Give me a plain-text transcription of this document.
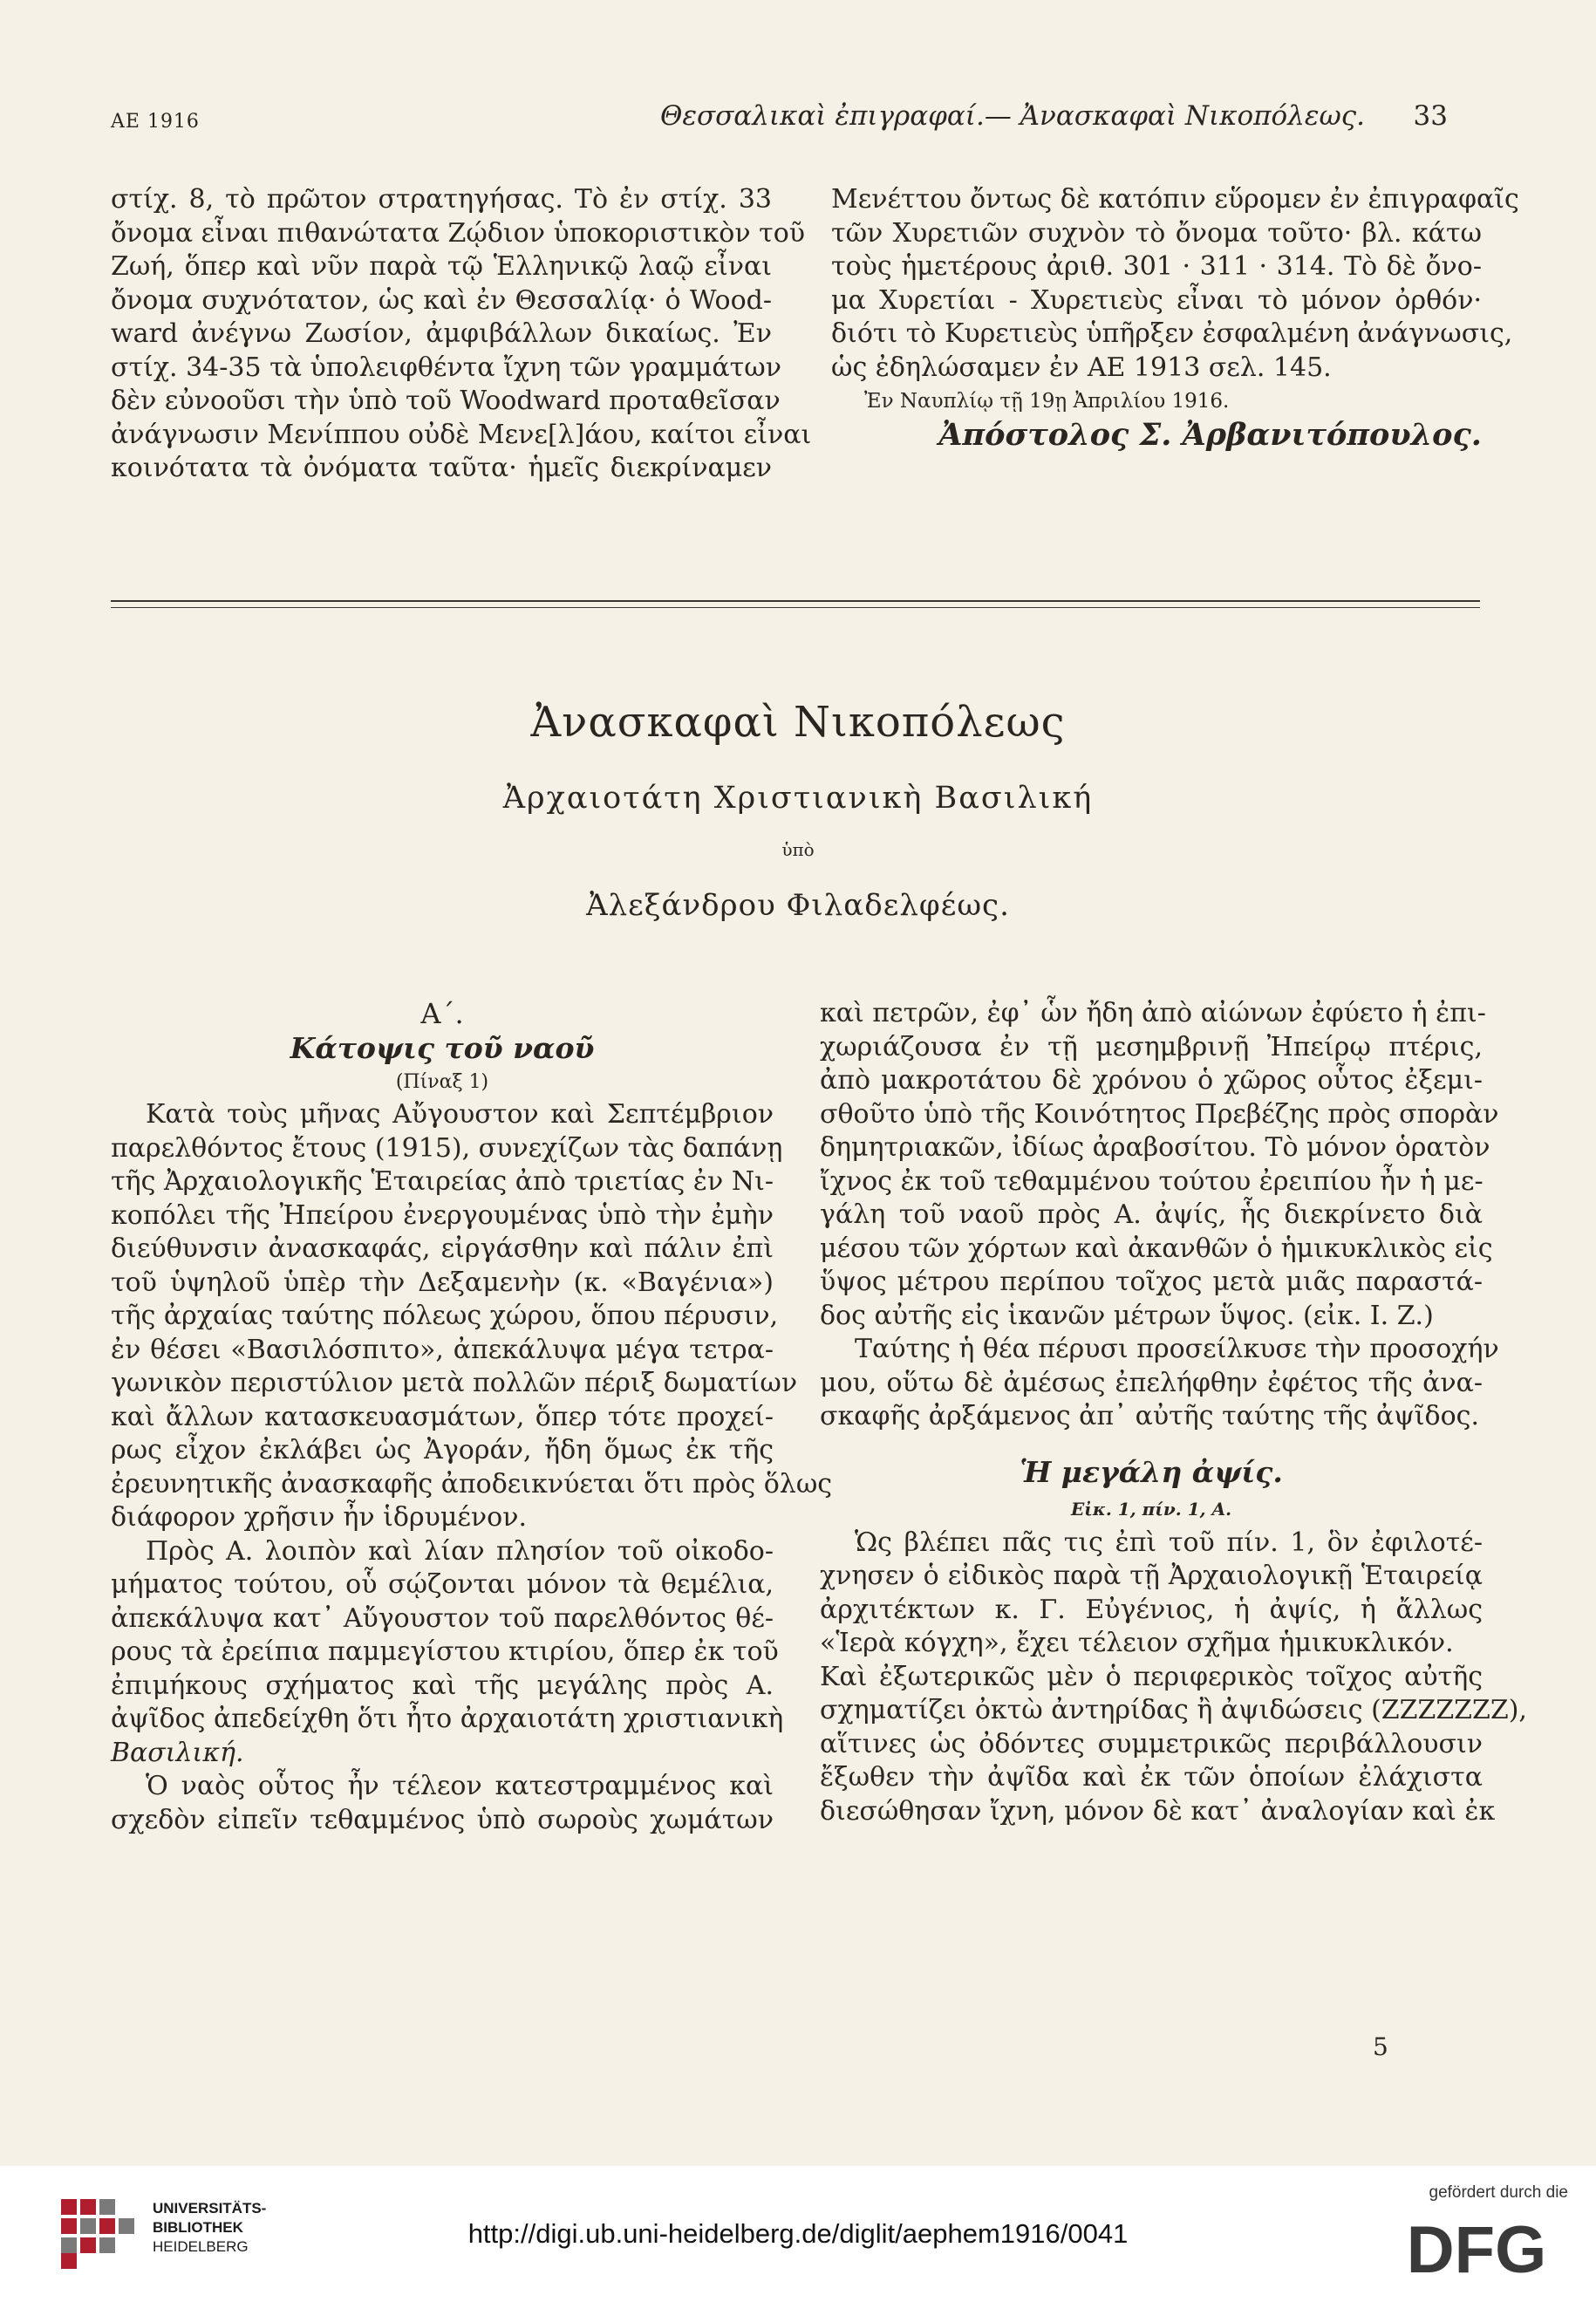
ΑΕ 1916	Θεσσαλικαὶ ἐπιγραφαί.— Ἀνασκαφαὶ Νικοπόλεως. 33

στίχ. 8, τὸ πρῶτον στρατηγήσας. Τὸ ἐν στίχ. 33
ὄνομα εἶναι πιθανώτατα Ζῴδιον ὑποκοριστικὸν τοῦ
Ζωή, ὅπερ καὶ νῦν παρὰ τῷ Ἑλληνικῷ λαῷ εἶναι
ὄνομα συχνότατον, ὡς καὶ ἐν Θεσσαλίᾳ· ὁ Wood-
ward ἀνέγνω Ζωσίον, ἀμφιβάλλων δικαίως. Ἐν
στίχ. 34-35 τὰ ὑπολειφθέντα ἴχνη τῶν γραμμάτων
δὲν εὐνοοῦσι τὴν ὑπὸ τοῦ Woodward προταθεῖσαν
ἀνάγνωσιν Μενίππου οὐδὲ Μενε[λ]άου, καίτοι εἶναι
κοινότατα τὰ ὀνόματα ταῦτα· ἡμεῖς διεκρίναμεν

Μενέττου ὄντως δὲ κατόπιν εὕρομεν ἐν ἐπιγραφαῖς
τῶν Χυρετιῶν συχνὸν τὸ ὄνομα τοῦτο· βλ. κάτω
τοὺς ἡμετέρους ἀριθ. 301 · 311 · 314. Τὸ δὲ ὄνο-
μα Χυρετίαι - Χυρετιεὺς εἶναι τὸ μόνον ὀρθόν·
διότι τὸ Κυρετιεὺς ὑπῆρξεν ἐσφαλμένη ἀνάγνωσις,
ὡς ἐδηλώσαμεν ἐν ΑΕ 1913 σελ. 145.

Ἐν Ναυπλίῳ τῇ 19ῃ Ἀπριλίου 1916.

Ἀπόστολος Σ. Ἀρβανιτόπουλος.

Ἀνασκαφαὶ Νικοπόλεως
Ἀρχαιοτάτη Χριστιανικὴ Βασιλική
ὑπὸ
Ἀλεξάνδρου Φιλαδελφέως.
Α΄.
Κάτοψις τοῦ ναοῦ
(Πίναξ 1)

Κατὰ τοὺς μῆνας Αὔγουστον καὶ Σεπτέμβριον
παρελθόντος ἔτους (1915), συνεχίζων τὰς δαπάνῃ
τῆς Ἀρχαιολογικῆς Ἑταιρείας ἀπὸ τριετίας ἐν Νι-
κοπόλει τῆς Ἠπείρου ἐνεργουμένας ὑπὸ τὴν ἐμὴν
διεύθυνσιν ἀνασκαφάς, εἰργάσθην καὶ πάλιν ἐπὶ
τοῦ ὑψηλοῦ ὑπὲρ τὴν Δεξαμενὴν (κ. «Βαγένια»)
τῆς ἀρχαίας ταύτης πόλεως χώρου, ὅπου πέρυσιν,
ἐν θέσει «Βασιλόσπιτο», ἀπεκάλυψα μέγα τετρα-
γωνικὸν περιστύλιον μετὰ πολλῶν πέριξ δωματίων
καὶ ἄλλων κατασκευασμάτων, ὅπερ τότε προχεί-
ρως εἶχον ἐκλάβει ὡς Ἀγοράν, ἤδη ὅμως ἐκ τῆς
ἐρευνητικῆς ἀνασκαφῆς ἀποδεικνύεται ὅτι πρὸς ὅλως
διάφορον χρῆσιν ἦν ἱδρυμένον.

Πρὸς Α. λοιπὸν καὶ λίαν πλησίον τοῦ οἰκοδο-
μήματος τούτου, οὗ σῴζονται μόνον τὰ θεμέλια,
ἀπεκάλυψα κατ᾽ Αὔγουστον τοῦ παρελθόντος θέ-
ρους τὰ ἐρείπια παμμεγίστου κτιρίου, ὅπερ ἐκ τοῦ
ἐπιμήκους σχήματος καὶ τῆς μεγάλης πρὸς Α.
ἀψῖδος ἀπεδείχθη ὅτι ἦτο ἀρχαιοτάτη χριστιανικὴ
Βασιλική.

Ὁ ναὸς οὗτος ἦν τέλεον κατεστραμμένος καὶ
σχεδὸν εἰπεῖν τεθαμμένος ὑπὸ σωροὺς χωμάτων

καὶ πετρῶν, ἐφ᾽ ὧν ἤδη ἀπὸ αἰώνων ἐφύετο ἡ ἐπι-
χωριάζουσα ἐν τῇ μεσημβρινῇ Ἠπείρῳ πτέρις,
ἀπὸ μακροτάτου δὲ χρόνου ὁ χῶρος οὗτος ἐξεμι-
σθοῦτο ὑπὸ τῆς Κοινότητος Πρεβέζης πρὸς σπορὰν
δημητριακῶν, ἰδίως ἀραβοσίτου. Τὸ μόνον ὁρατὸν
ἴχνος ἐκ τοῦ τεθαμμένου τούτου ἐρειπίου ἦν ἡ με-
γάλη τοῦ ναοῦ πρὸς Α. ἀψίς, ἧς διεκρίνετο διὰ
μέσου τῶν χόρτων καὶ ἀκανθῶν ὁ ἡμικυκλικὸς εἰς
ὕψος μέτρου περίπου τοῖχος μετὰ μιᾶς παραστά-
δος αὐτῆς εἰς ἱκανῶν μέτρων ὕψος. (εἰκ. Ι. Ζ.)

Ταύτης ἡ θέα πέρυσι προσείλκυσε τὴν προσοχήν
μου, οὕτω δὲ ἀμέσως ἐπελήφθην ἐφέτος τῆς ἀνα-
σκαφῆς ἀρξάμενος ἀπ᾽ αὐτῆς ταύτης τῆς ἀψῖδος.

Ἡ μεγάλη ἀψίς.
Εἰκ. 1, πίν. 1, Α.

Ὡς βλέπει πᾶς τις ἐπὶ τοῦ πίν. 1, ὃν ἐφιλοτέ-
χνησεν ὁ εἰδικὸς παρὰ τῇ Ἀρχαιολογικῇ Ἑταιρείᾳ
ἀρχιτέκτων κ. Γ. Εὐγένιος, ἡ ἀψίς, ἡ ἄλλως
«Ἱερὰ κόγχη», ἔχει τέλειον σχῆμα ἡμικυκλικόν.

Καὶ ἐξωτερικῶς μὲν ὁ περιφερικὸς τοῖχος αὐτῆς
σχηματίζει ὀκτὼ ἀντηρίδας ἢ ἀψιδώσεις (ZZZZZZZ),
αἵτινες ὡς ὀδόντες συμμετρικῶς περιβάλλουσιν
ἔξωθεν τὴν ἀψῖδα καὶ ἐκ τῶν ὁποίων ἐλάχιστα
διεσώθησαν ἴχνη, μόνον δὲ κατ᾽ ἀναλογίαν καὶ ἐκ

5
UNIVERSITÄTS-
BIBLIOTHEK
HEIDELBERG	http://digi.ub.uni-heidelberg.de/diglit/aephem1916/0041
gefördert durch die
DFG
